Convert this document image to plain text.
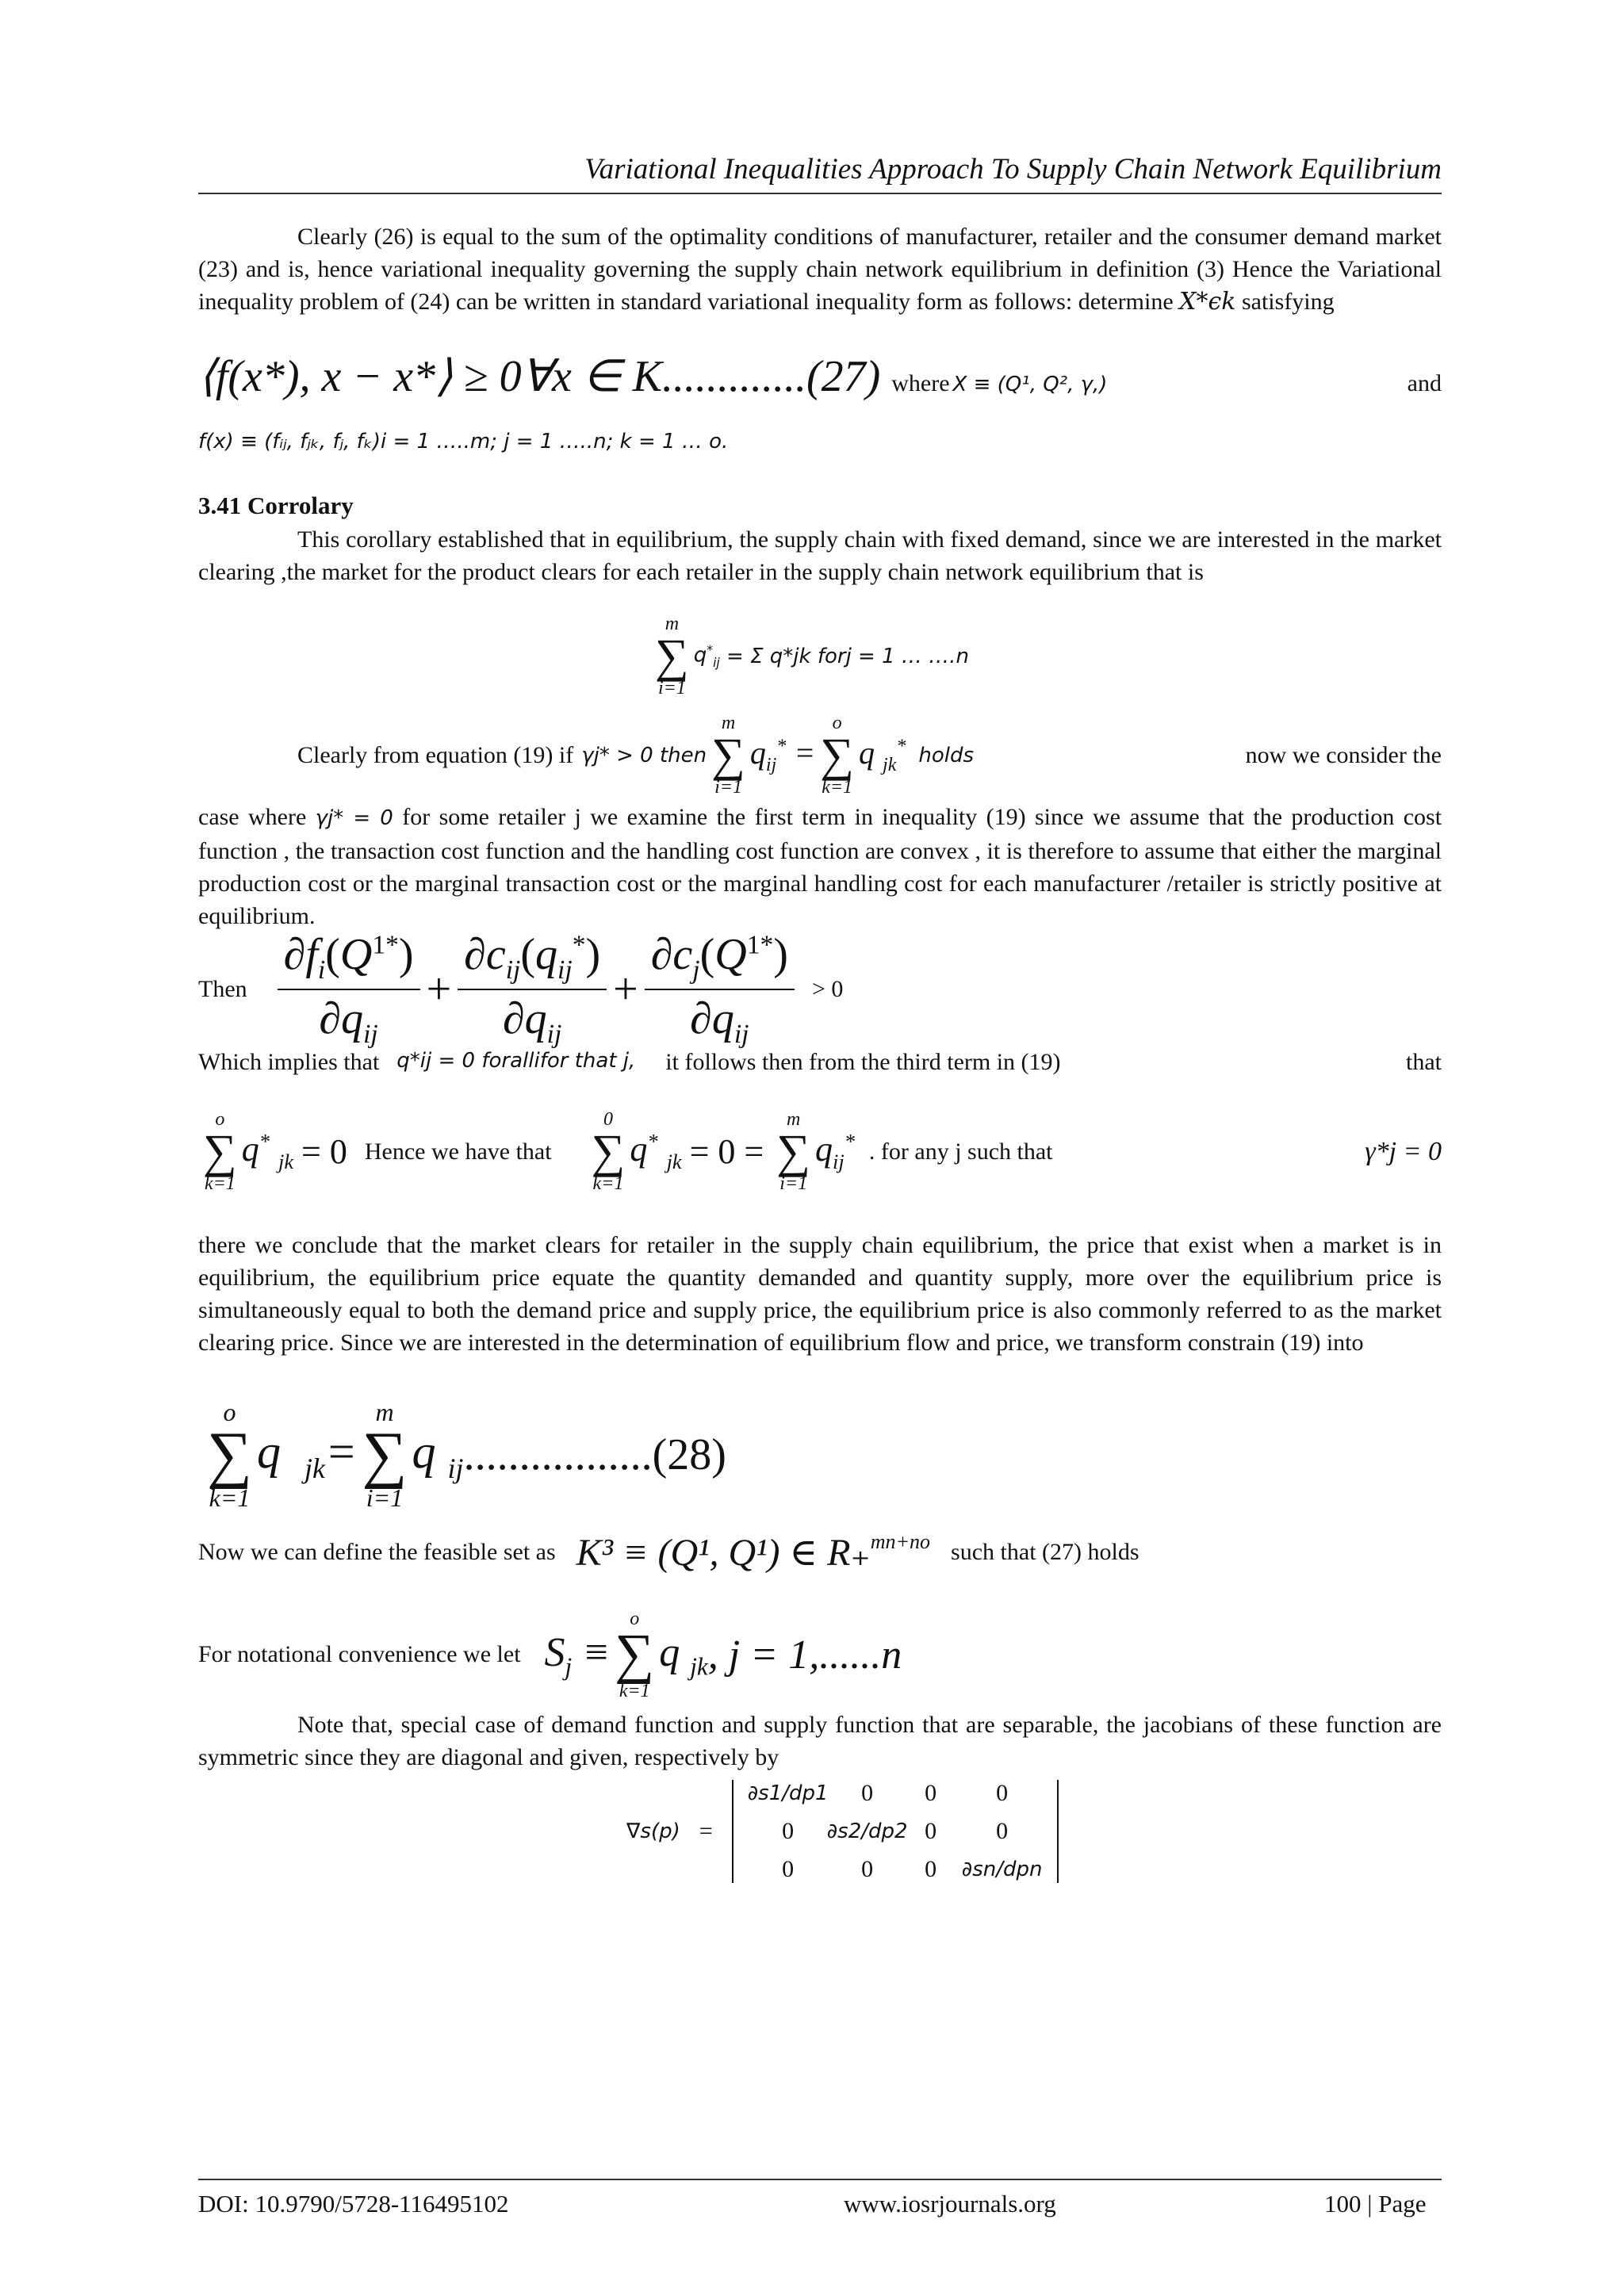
Variational Inequalities Approach To Supply Chain Network Equilibrium

Clearly (26) is equal to the sum of the optimality conditions of manufacturer, retailer and the consumer demand market (23) and is, hence variational inequality governing the supply chain network equilibrium in definition (3) Hence the Variational inequality problem of (24) can be written in standard variational inequality form as follows: determine X*ϵk satisfying

⟨f(x*), x − x*⟩ ≥ 0∀x ∈ K.............(27) where X ≡ (Q¹, Q², γ,)	and
f(x) ≡ (fᵢⱼ, fⱼₖ, fⱼ, fₖ)i = 1 …..m; j = 1 …..n; k = 1 … o.
3.41 Corrolary

This corollary established that in equilibrium, the supply chain with fixed demand, since we are interested in the market clearing ,the market for the product clears for each retailer in the supply chain network equilibrium that is

m
∑
i=1
$q^*_{ij} = \Sigma$ q*jk forj = 1 … ….n
Clearly from equation (19) if γj* > 0 then
m
∑
i=1
$q_{ij}^*$ =
o
∑
k=1
q $_{jk}$* holds	now we consider the

case where γj* = 0 for some retailer j we examine the first term in inequality (19) since we assume that the production cost function , the transaction cost function and the handling cost function are convex , it is therefore to assume that either the marginal production cost or the marginal transaction cost or the marginal handling cost for each manufacturer /retailer is strictly positive at equilibrium.

Then $\frac{\partial f_i(Q^{1*})}{\partial q_{ij}} + \frac{\partial c_{ij}(q_{ij}^*)}{\partial q_{ij}} + \frac{\partial c_j(Q^{1*})}{\partial q_{ij}} > 0$
Which implies that q*ij = 0 forallifor that j, it follows then from the third term in (19)	that
o
∑
k=1
q* $_{jk}$ = 0 Hence we have that
0
∑
k=1
q* $_{jk}$ = 0 =
m
∑
i=1
$q_{ij}^*$ . for any j such that	γ*j = 0

there we conclude that the market clears for retailer in the supply chain equilibrium, the price that exist when a market is in equilibrium, the equilibrium price equate the quantity demanded and quantity supply, more over the equilibrium price is simultaneously equal to both the demand price and supply price, the equilibrium price is also commonly referred to as the market clearing price. Since we are interested in the determination of equilibrium flow and price, we transform constrain (19) into

o
∑
k=1
q  $_{jk}$=
m
∑
i=1
q $_{ij}$ .................(28)
Now we can define the feasible set as K³ ≡ (Q¹, Q¹) ∈ R₊ mn+no such that (27) holds
For notational convenience we let $S_j$ ≡
o
∑
k=1
q $_{jk}$ , j = 1,......n

Note that, special case of demand function and supply function that are separable, the jacobians of these function are symmetric since they are diagonal and given, respectively by

∇s(p) =
∂s1/dp1 0 0	0
0 ∂s2/dp2 0	0
0	0 0 ∂sn/dpn
DOI: 10.9790/5728-116495102	www.iosrjournals.org	100 | Page
